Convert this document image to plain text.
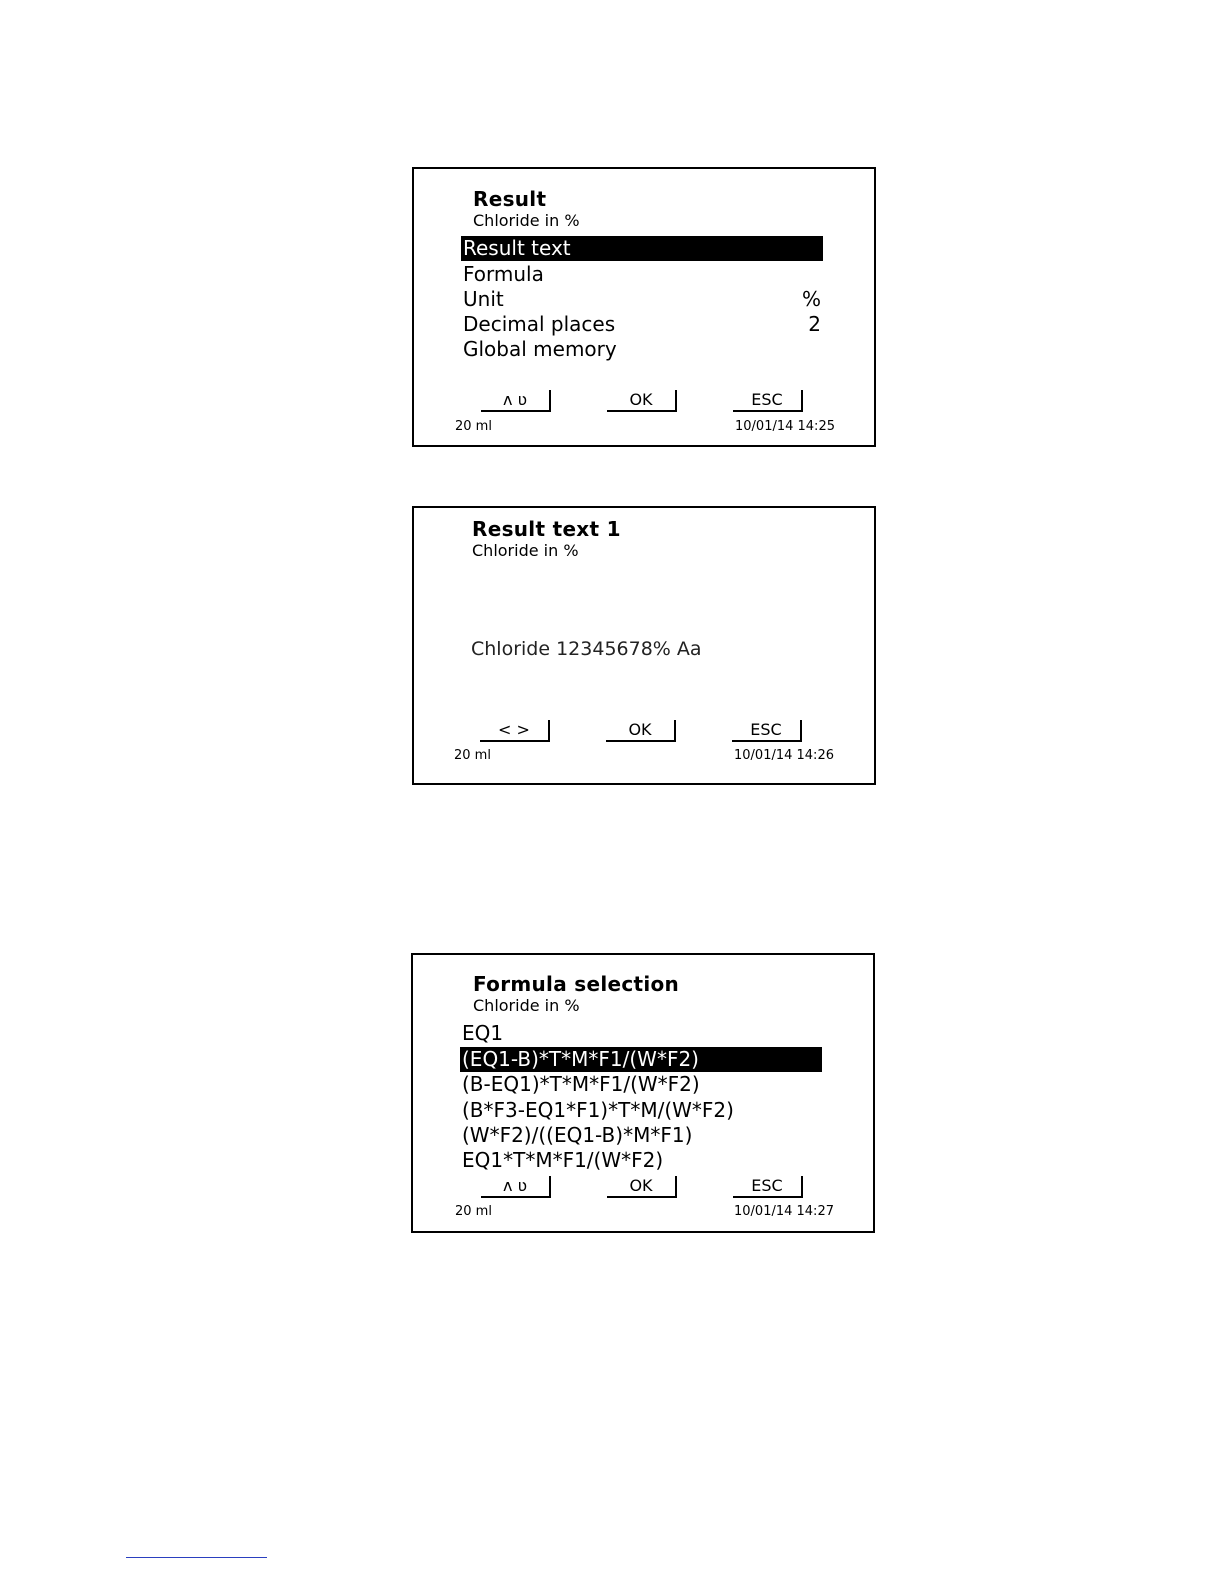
Result
Chloride in %
Result text
Formula
Unit	%
Decimal places	2
Global memory
ʌ ʋ	OK	ESC
20 ml	10/01/14 14:25
Result text 1
Chloride in %
Chloride 12345678% Aa
< >	OK	ESC
20 ml	10/01/14 14:26
Formula selection
Chloride in %
EQ1
(EQ1-B)*T*M*F1/(W*F2)
(B-EQ1)*T*M*F1/(W*F2)
(B*F3-EQ1*F1)*T*M/(W*F2)
(W*F2)/((EQ1-B)*M*F1)
EQ1*T*M*F1/(W*F2)
ʌ ʋ	OK	ESC
20 ml	10/01/14 14:27
